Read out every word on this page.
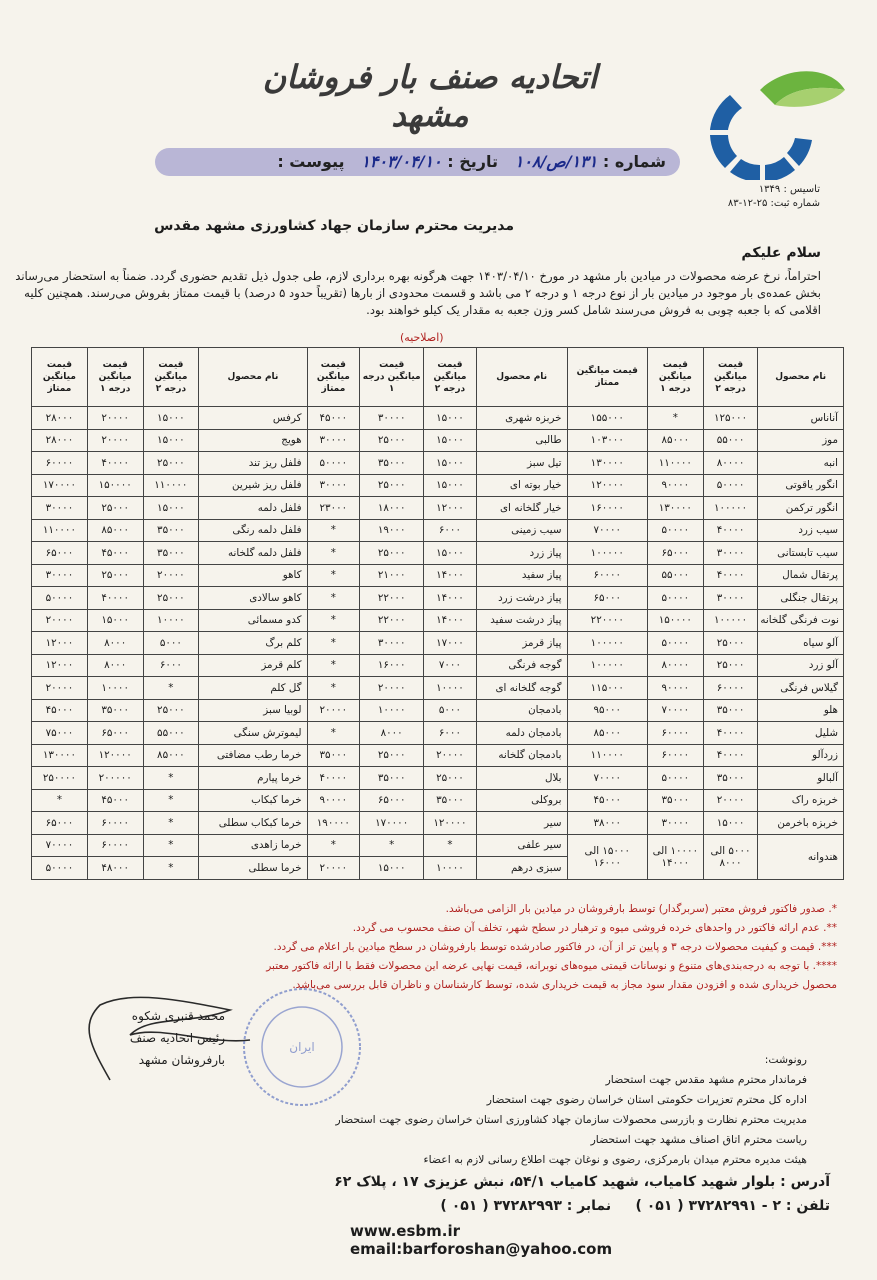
تاسیس : ۱۳۴۹
شماره ثبت: ۲۵-۱۲-۸۳
اتحادیه صنف بار فروشان مشهد
شماره : ۱۳۱/ص/۱۰۸   تاریخ : ۱۴۰۳/۰۴/۱۰   پیوست :
مدیریت محترم سازمان جهاد کشاورزی مشهد مقدس
سلام علیکم
احتراماً، نرخ عرضه محصولات در میادین بار مشهد در مورخ ۱۴۰۳/۰۴/۱۰ جهت هرگونه بهره برداری لازم، طی جدول ذیل تقدیم حضوری گردد. ضمناً به استحضار می‌رساند بخش عمده‌ی بار موجود در میادین بار از نوع درجه ۱ و درجه ۲ می باشد و قسمت محدودی از بارها (تقریباً حدود ۵ درصد) با قیمت ممتاز بفروش می‌رسند. همچنین کلیه اقلامی که با جعبه چوبی به فروش می‌رسند شامل کسر وزن جعبه به مقدار یک کیلو خواهند بود.
(اصلاحیه)
نام محصول	قیمت میانگین درجه ۲	قیمت میانگین درجه ۱	قیمت میانگین ممتاز	نام محصول	قیمت میانگین درجه ۲	قیمت میانگین درجه ۱	قیمت میانگین ممتاز	نام محصول	قیمت میانگین درجه ۲	قیمت میانگین درجه ۱	قیمت میانگین ممتاز
آناناس	۱۲۵۰۰۰	*	۱۵۵۰۰۰	خربزه شهری	۱۵۰۰۰	۳۰۰۰۰	۴۵۰۰۰	کرفس	۱۵۰۰۰	۲۰۰۰۰	۲۸۰۰۰
موز	۵۵۰۰۰	۸۵۰۰۰	۱۰۳۰۰۰	طالبی	۱۵۰۰۰	۲۵۰۰۰	۳۰۰۰۰	هویج	۱۵۰۰۰	۲۰۰۰۰	۲۸۰۰۰
انبه	۸۰۰۰۰	۱۱۰۰۰۰	۱۳۰۰۰۰	تیل سبز	۱۵۰۰۰	۳۵۰۰۰	۵۰۰۰۰	فلفل ریز تند	۲۵۰۰۰	۴۰۰۰۰	۶۰۰۰۰
انگور یاقوتی	۵۰۰۰۰	۹۰۰۰۰	۱۲۰۰۰۰	خیار بوته ای	۱۵۰۰۰	۲۵۰۰۰	۳۰۰۰۰	فلفل ریز شیرین	۱۱۰۰۰۰	۱۵۰۰۰۰	۱۷۰۰۰۰
انگور ترکمن	۱۰۰۰۰۰	۱۳۰۰۰۰	۱۶۰۰۰۰	خیار گلخانه ای	۱۲۰۰۰	۱۸۰۰۰	۲۳۰۰۰	فلفل دلمه	۱۵۰۰۰	۲۵۰۰۰	۳۰۰۰۰
سیب زرد	۴۰۰۰۰	۵۰۰۰۰	۷۰۰۰۰	سیب زمینی	۶۰۰۰	۱۹۰۰۰	*	فلفل دلمه رنگی	۳۵۰۰۰	۸۵۰۰۰	۱۱۰۰۰۰
سیب تابستانی	۳۰۰۰۰	۶۵۰۰۰	۱۰۰۰۰۰	پیاز زرد	۱۵۰۰۰	۲۵۰۰۰	*	فلفل دلمه گلخانه	۳۵۰۰۰	۴۵۰۰۰	۶۵۰۰۰
پرتقال شمال	۴۰۰۰۰	۵۵۰۰۰	۶۰۰۰۰	پیاز سفید	۱۴۰۰۰	۲۱۰۰۰	*	کاهو	۲۰۰۰۰	۲۵۰۰۰	۳۰۰۰۰
پرتقال جنگلی	۳۰۰۰۰	۵۰۰۰۰	۶۵۰۰۰	پیاز درشت زرد	۱۴۰۰۰	۲۲۰۰۰	*	کاهو سالادی	۲۵۰۰۰	۴۰۰۰۰	۵۰۰۰۰
نوت فرنگی گلخانه	۱۰۰۰۰۰	۱۵۰۰۰۰	۲۲۰۰۰۰	پیاز درشت سفید	۱۴۰۰۰	۲۲۰۰۰	*	کدو مسمائی	۱۰۰۰۰	۱۵۰۰۰	۲۰۰۰۰
آلو سیاه	۲۵۰۰۰	۵۰۰۰۰	۱۰۰۰۰۰	پیاز قرمز	۱۷۰۰۰	۳۰۰۰۰	*	کلم برگ	۵۰۰۰	۸۰۰۰	۱۲۰۰۰
آلو زرد	۲۵۰۰۰	۸۰۰۰۰	۱۰۰۰۰۰	گوجه فرنگی	۷۰۰۰	۱۶۰۰۰	*	کلم قرمز	۶۰۰۰	۸۰۰۰	۱۲۰۰۰
گیلاس فرنگی	۶۰۰۰۰	۹۰۰۰۰	۱۱۵۰۰۰	گوجه گلخانه ای	۱۰۰۰۰	۲۰۰۰۰	*	گل کلم	*	۱۰۰۰۰	۲۰۰۰۰
هلو	۳۵۰۰۰	۷۰۰۰۰	۹۵۰۰۰	بادمجان	۵۰۰۰	۱۰۰۰۰	۲۰۰۰۰	لوبیا سبز	۲۵۰۰۰	۳۵۰۰۰	۴۵۰۰۰
شلیل	۴۰۰۰۰	۶۰۰۰۰	۸۵۰۰۰	بادمجان دلمه	۶۰۰۰	۸۰۰۰	*	لیموترش سنگی	۵۵۰۰۰	۶۵۰۰۰	۷۵۰۰۰
زردآلو	۴۰۰۰۰	۶۰۰۰۰	۱۱۰۰۰۰	بادمجان گلخانه	۲۰۰۰۰	۲۵۰۰۰	۳۵۰۰۰	خرما رطب مضافتی	۸۵۰۰۰	۱۲۰۰۰۰	۱۳۰۰۰۰
آلبالو	۳۵۰۰۰	۵۰۰۰۰	۷۰۰۰۰	بلال	۲۵۰۰۰	۳۵۰۰۰	۴۰۰۰۰	خرما پیارم	*	۲۰۰۰۰۰	۲۵۰۰۰۰
خربزه راک	۲۰۰۰۰	۳۵۰۰۰	۴۵۰۰۰	بروکلی	۳۵۰۰۰	۶۵۰۰۰	۹۰۰۰۰	خرما کبکاب	*	۴۵۰۰۰	*
خربزه باخرمن	۱۵۰۰۰	۳۰۰۰۰	۳۸۰۰۰	سیر	۱۲۰۰۰۰	۱۷۰۰۰۰	۱۹۰۰۰۰	خرما کبکاب سطلی	*	۶۰۰۰۰	۶۵۰۰۰
هندوانه	۵۰۰۰ الی ۸۰۰۰	۱۰۰۰۰ الی ۱۴۰۰۰	۱۵۰۰۰ الی ۱۶۰۰۰	سیر علفی	*	*	*	خرما زاهدی	*	۶۰۰۰۰	۷۰۰۰۰
				سبزی درهم	۱۰۰۰۰	۱۵۰۰۰	۲۰۰۰۰	خرما سطلی	*	۴۸۰۰۰	۵۰۰۰۰
*. صدور فاکتور فروش معتبر (سربرگدار) توسط بارفروشان در میادین بار الزامی می‌باشد.
**. عدم ارائه فاکتور در واحدهای خرده فروشی میوه و ترهبار در سطح شهر، تخلف آن صنف محسوب می گردد.
***. قیمت و کیفیت محصولات درجه ۳ و پایین تر از آن، در فاکتور صادرشده توسط بارفروشان در سطح میادین بار اعلام می گردد.
****. با توجه به درجه‌بندی‌های متنوع و نوسانات قیمتی میوه‌های نوبرانه، قیمت نهایی عرضه این محصولات فقط با ارائه فاکتور معتبر
محصول خریداری شده و افزودن مقدار سود مجاز به قیمت خریداری شده، توسط کارشناسان و ناظران قابل بررسی می‌باشد.
ایران
محمد قنبری شکوه
رئیس اتحادیه صنف بارفروشان مشهد	رونوشت:
فرماندار محترم مشهد مقدس جهت استحضار
اداره کل محترم تعزیرات حکومتی استان خراسان رضوی جهت استحضار
مدیریت محترم نظارت و بازرسی محصولات سازمان جهاد کشاورزی استان خراسان رضوی جهت استحضار
ریاست محترم اتاق اصناف مشهد جهت استحضار
هیئت مدیره محترم میدان بارمرکزی، رضوی و نوغان جهت اطلاع رسانی لازم به اعضاء
آدرس : بلوار شهید کامیاب، شهید کامیاب ۵۴/۱، نبش عزیزی ۱۷ ، پلاک ۶۲
تلفن : ۲ - ۳۷۲۸۲۹۹۱ ( ۰۵۱ )     نمابر : ۳۷۲۸۲۹۹۳ ( ۰۵۱ )
www.esbm.ir email:barforoshan@yahoo.com
